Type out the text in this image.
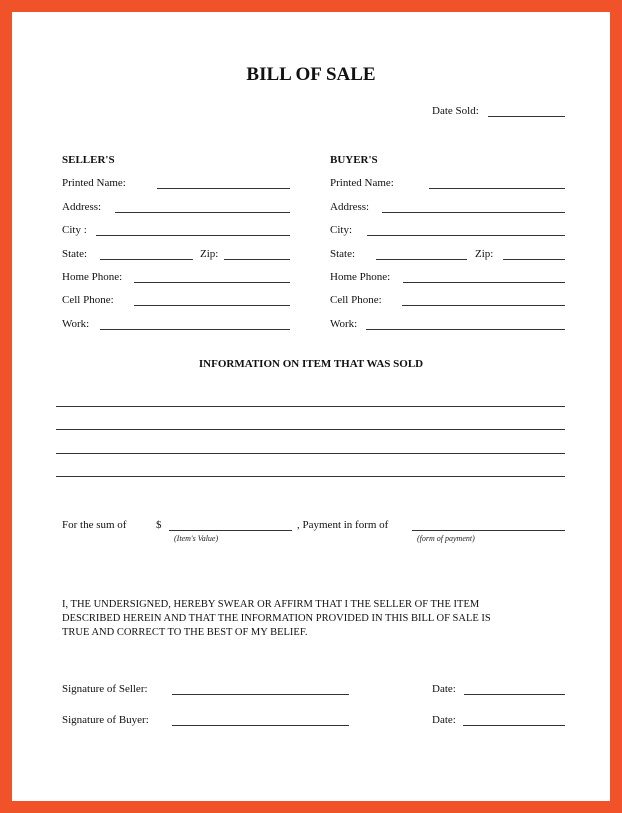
BILL OF SALE
Date Sold:
SELLER'S
Printed Name:
Address:
City :
State:	Zip:
Home Phone:
Cell Phone:
Work:
BUYER'S
Printed Name:
Address:
City:
State:	Zip:
Home Phone:
Cell Phone:
Work:
INFORMATION ON ITEM THAT WAS SOLD
For the sum of	$
(Item's Value)
, Payment in form of
(form of payment)
I, THE UNDERSIGNED, HEREBY SWEAR OR AFFIRM THAT I THE SELLER OF THE ITEM
DESCRIBED HEREIN AND THAT THE INFORMATION PROVIDED IN THIS BILL OF SALE IS
TRUE AND CORRECT TO THE BEST OF MY BELIEF.
Signature of Seller:	Date:
Signature of Buyer:	Date:
